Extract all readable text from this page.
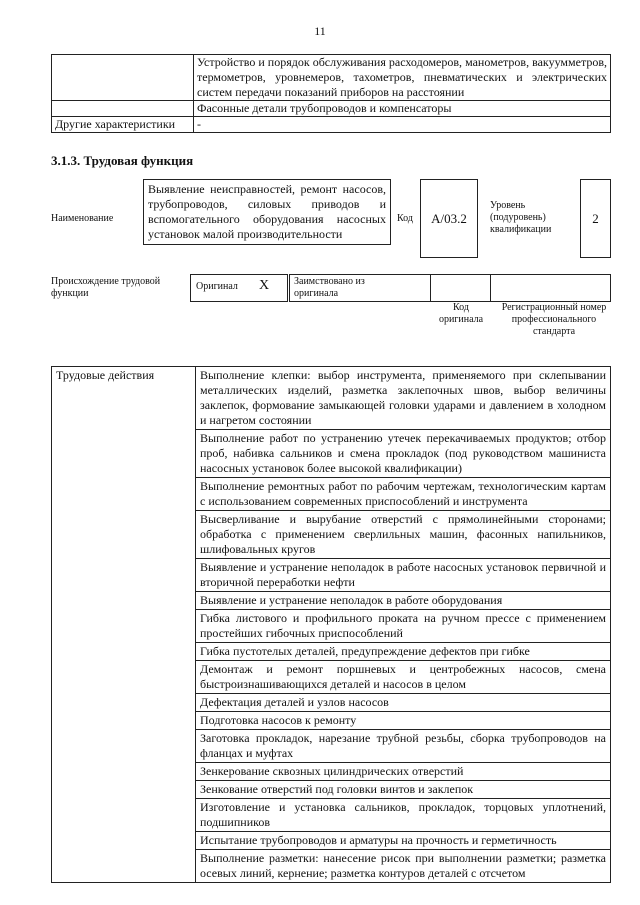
11
	Устройство и порядок обслуживания расходомеров, манометров, вакуумметров, термометров, уровнемеров, тахометров, пневматических и электрических систем передачи показаний приборов на расстоянии
	Фасонные детали трубопроводов и компенсаторы
Другие характеристики	-
3.1.3. Трудовая функция
Наименование
Выявление неисправностей, ремонт насосов, трубопроводов, силовых приводов и вспомогательного оборудования насосных установок малой производительности
Код	А/03.2
Уровень (подуровень) квалификации
2
Происхождение трудовой функции
Оригинал X Заимствовано из оригинала
Код оригинала
Регистрационный номер профессионального стандарта
Трудовые действия	Выполнение клепки: выбор инструмента, применяемого при склепывании металлических изделий, разметка заклепочных швов, выбор величины заклепок, формование замыкающей головки ударами и давлением в холодном и нагретом состоянии
Выполнение работ по устранению утечек перекачиваемых продуктов; отбор проб, набивка сальников и смена прокладок (под руководством машиниста насосных установок более высокой квалификации)
Выполнение ремонтных работ по рабочим чертежам, технологическим картам с использованием современных приспособлений и инструмента
Высверливание и вырубание отверстий с прямолинейными сторонами; обработка с применением сверлильных машин, фасонных напильников, шлифовальных кругов
Выявление и устранение неполадок в работе насосных установок первичной и вторичной переработки нефти
Выявление и устранение неполадок в работе оборудования
Гибка листового и профильного проката на ручном прессе с применением простейших гибочных приспособлений
Гибка пустотелых деталей, предупреждение дефектов при гибке
Демонтаж и ремонт поршневых и центробежных насосов, смена быстроизнашивающихся деталей и насосов в целом
Дефектация деталей и узлов насосов
Подготовка насосов к ремонту
Заготовка прокладок, нарезание трубной резьбы, сборка трубопроводов на фланцах и муфтах
Зенкерование сквозных цилиндрических отверстий
Зенкование отверстий под головки винтов и заклепок
Изготовление и установка сальников, прокладок, торцовых уплотнений, подшипников
Испытание трубопроводов и арматуры на прочность и герметичность
Выполнение разметки: нанесение рисок при выполнении разметки; разметка осевых линий, кернение; разметка контуров деталей с отсчетом
